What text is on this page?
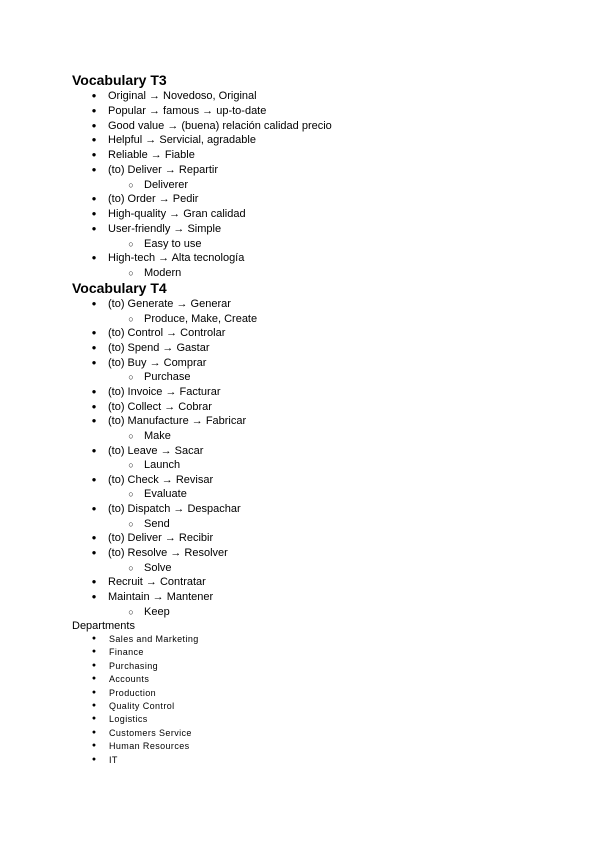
Vocabulary T3
● Original → Novedoso, Original
● Popular → famous → up-to-date
● Good value → (buena) relación calidad precio
● Helpful → Servicial, agradable
● Reliable → Fiable
● (to) Deliver → Repartir
○ Deliverer
● (to) Order → Pedir
● High-quality → Gran calidad
● User-friendly → Simple
○ Easy to use
● High-tech → Alta tecnología
○ Modern
Vocabulary T4
● (to) Generate → Generar
○ Produce, Make, Create
● (to) Control → Controlar
● (to) Spend → Gastar
● (to) Buy → Comprar
○ Purchase
● (to) Invoice → Facturar
● (to) Collect → Cobrar
● (to) Manufacture → Fabricar
○ Make
● (to) Leave → Sacar
○ Launch
● (to) Check → Revisar
○ Evaluate
● (to) Dispatch → Despachar
○ Send
● (to) Deliver → Recibir
● (to) Resolve → Resolver
○ Solve
● Recruit → Contratar
● Maintain → Mantener
○ Keep
Departments
●	Sales and Marketing
●	Finance
●	Purchasing
●	Accounts
●	Production
●	Quality Control
●	Logistics
●	Customers Service
●	Human Resources
●	IT
